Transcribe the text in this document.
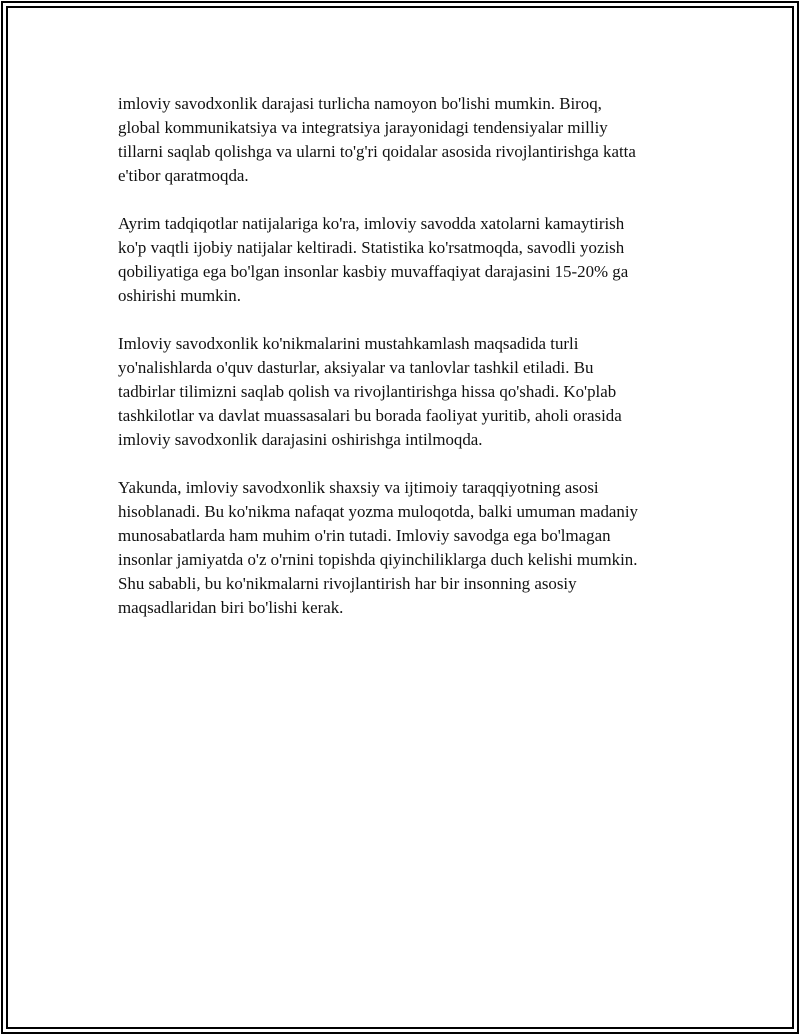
imloviy savodxonlik darajasi turlicha namoyon bo'lishi mumkin. Biroq,
global kommunikatsiya va integratsiya jarayonidagi tendensiyalar milliy
tillarni saqlab qolishga va ularni to'g'ri qoidalar asosida rivojlantirishga katta
e'tibor qaratmoqda.

Ayrim tadqiqotlar natijalariga ko'ra, imloviy savodda xatolarni kamaytirish
ko'p vaqtli ijobiy natijalar keltiradi. Statistika ko'rsatmoqda, savodli yozish
qobiliyatiga ega bo'lgan insonlar kasbiy muvaffaqiyat darajasini 15-20% ga
oshirishi mumkin.

Imloviy savodxonlik ko'nikmalarini mustahkamlash maqsadida turli
yo'nalishlarda o'quv dasturlar, aksiyalar va tanlovlar tashkil etiladi. Bu
tadbirlar tilimizni saqlab qolish va rivojlantirishga hissa qo'shadi. Ko'plab
tashkilotlar va davlat muassasalari bu borada faoliyat yuritib, aholi orasida
imloviy savodxonlik darajasini oshirishga intilmoqda.

Yakunda, imloviy savodxonlik shaxsiy va ijtimoiy taraqqiyotning asosi
hisoblanadi. Bu ko'nikma nafaqat yozma muloqotda, balki umuman madaniy
munosabatlarda ham muhim o'rin tutadi. Imloviy savodga ega bo'lmagan
insonlar jamiyatda o'z o'rnini topishda qiyinchiliklarga duch kelishi mumkin.
Shu sababli, bu ko'nikmalarni rivojlantirish har bir insonning asosiy
maqsadlaridan biri bo'lishi kerak.
